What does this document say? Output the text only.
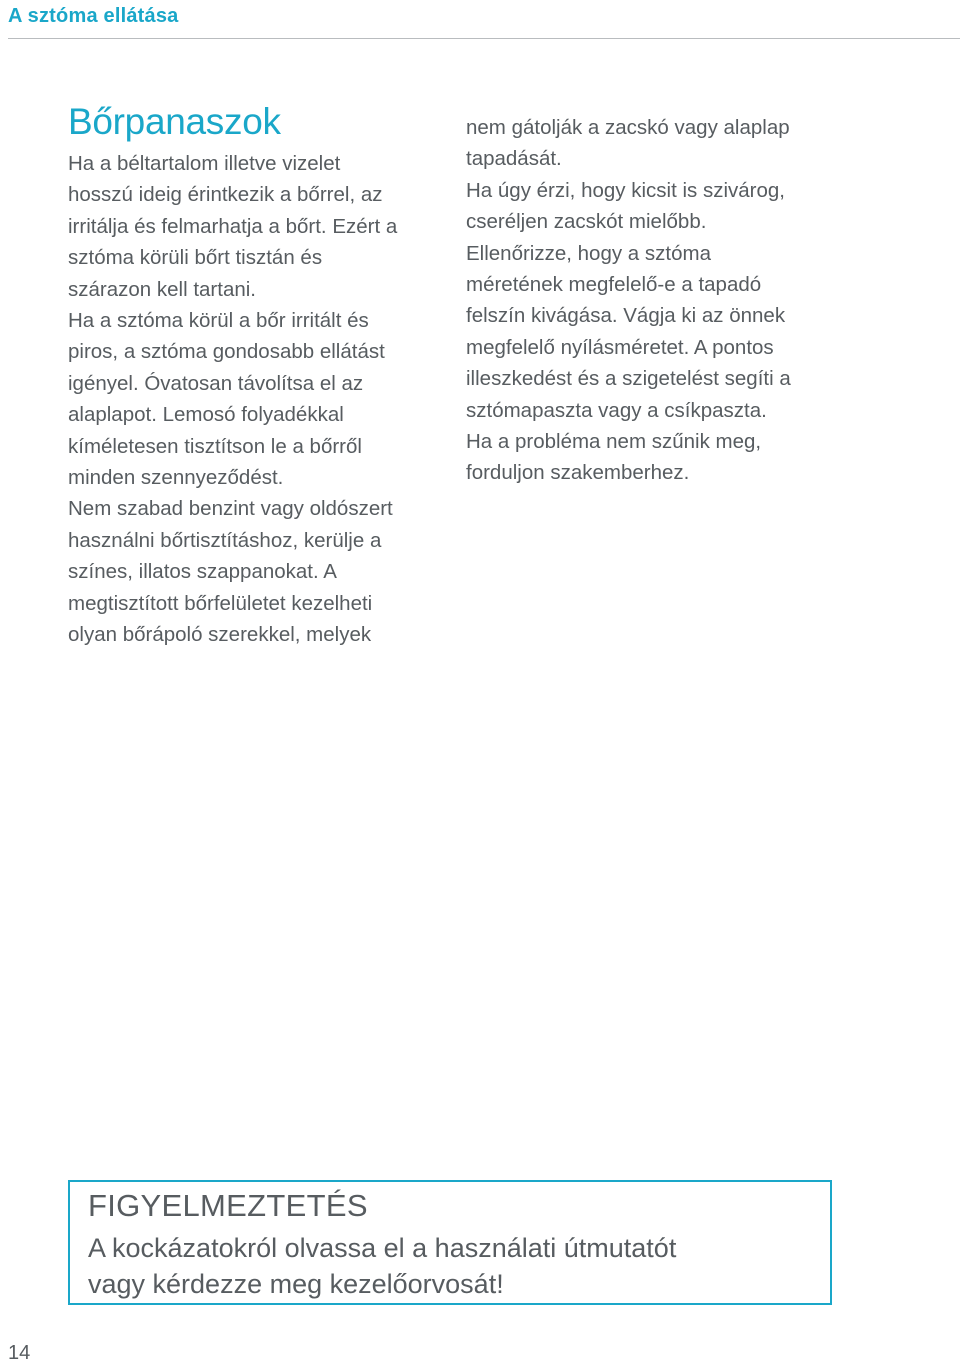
A sztóma ellátása
Bőrpanaszok

Ha a béltartalom illetve vizelet
hosszú ideig érintkezik a bőrrel, az
irritálja és felmarhatja a bőrt. Ezért a
sztóma körüli bőrt tisztán és
szárazon kell tartani.
Ha a sztóma körül a bőr irritált és
piros, a sztóma gondosabb ellátást
igényel. Óvatosan távolítsa el az
alaplapot. Lemosó folyadékkal
kíméletesen tisztítson le a bőrről
minden szennyeződést.
Nem szabad benzint vagy oldószert
használni bőrtisztításhoz, kerülje a
színes, illatos szappanokat. A
megtisztított bőrfelületet kezelheti
olyan bőrápoló szerekkel, melyek

nem gátolják a zacskó vagy alaplap
tapadását.
Ha úgy érzi, hogy kicsit is szivárog,
cseréljen zacskót mielőbb.
Ellenőrizze, hogy a sztóma
méretének megfelelő-e a tapadó
felszín kivágása. Vágja ki az önnek
megfelelő nyílásméretet. A pontos
illeszkedést és a szigetelést segíti a
sztómapaszta vagy a csíkpaszta.
Ha a probléma nem szűnik meg,
forduljon szakemberhez.

FIGYELMEZTETÉS
A kockázatokról olvassa el a használati útmutatót
vagy kérdezze meg kezelőorvosát!
14
